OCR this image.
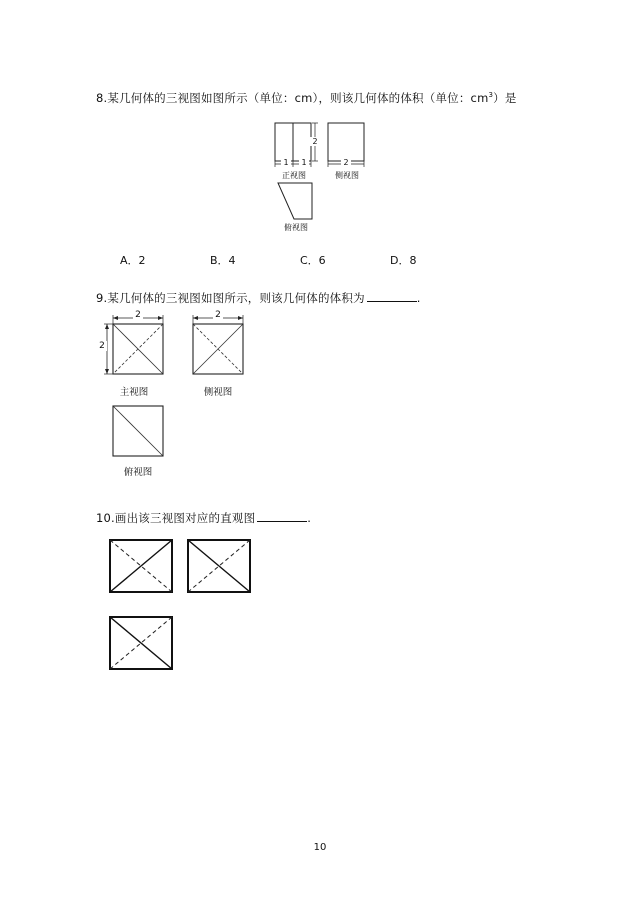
8.某几何体的三视图如图所示（单位：cm），则该几何体的体积（单位：$cm^3$）是
1	1
2
正视图
2
侧视图
俯视图
A．2	B．4	C．6	D．8
9.某几何体的三视图如图所示，则该几何体的体积为	.
2
2
主视图
2
侧视图
俯视图
10.画出该三视图对应的直观图	.
10
